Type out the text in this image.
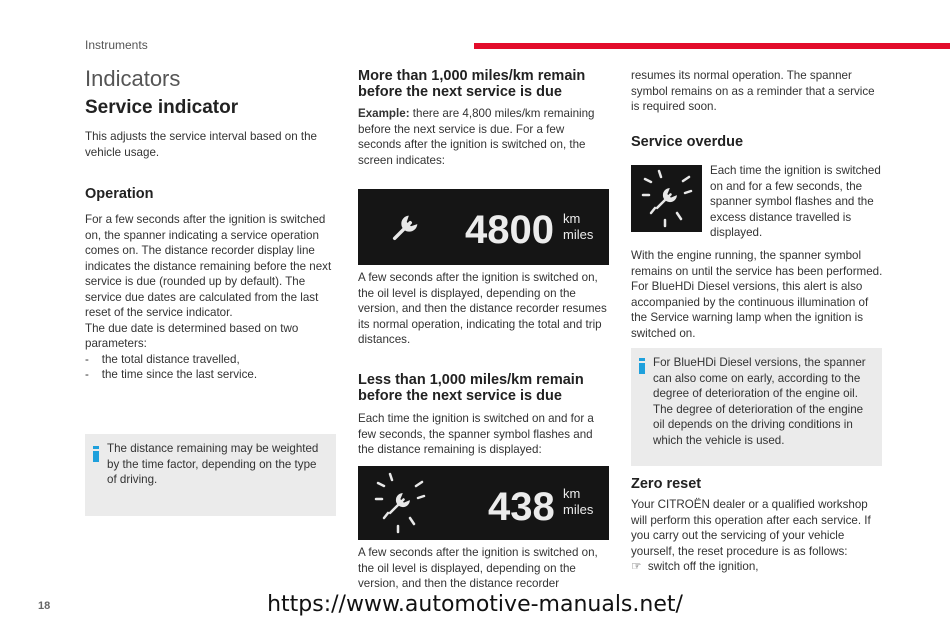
Instruments
Indicators
Service indicator
This adjusts the service interval based on the vehicle usage.
Operation
For a few seconds after the ignition is switched on, the spanner indicating a service operation comes on. The distance recorder display line indicates the distance remaining before the next service is due (rounded up by default). The service due dates are calculated from the last reset of the service indicator.
The due date is determined based on two parameters:
-    the total distance travelled,
-    the time since the last service.
The distance remaining may be weighted by the time factor, depending on the type of driving.
More than 1,000 miles/km remain before the next service is due
Example: there are 4,800 miles/km remaining before the next service is due. For a few seconds after the ignition is switched on, the screen indicates:
4800 km
miles
A few seconds after the ignition is switched on, the oil level is displayed, depending on the version, and then the distance recorder resumes its normal operation, indicating the total and trip distances.
Less than 1,000 miles/km remain before the next service is due
Each time the ignition is switched on and for a few seconds, the spanner symbol flashes and the distance remaining is displayed:
438 km
miles
A few seconds after the ignition is switched on, the oil level is displayed, depending on the version, and then the distance recorder
resumes its normal operation. The spanner symbol remains on as a reminder that a service is required soon.
Service overdue
Each time the ignition is switched on and for a few seconds, the spanner symbol flashes and the excess distance travelled is displayed.
With the engine running, the spanner symbol remains on until the service has been performed. For BlueHDi Diesel versions, this alert is also accompanied by the continuous illumination of the Service warning lamp when the ignition is switched on.
For BlueHDi Diesel versions, the spanner can also come on early, according to the degree of deterioration of the engine oil. The degree of deterioration of the engine oil depends on the driving conditions in which the vehicle is used.
Zero reset
Your CITROËN dealer or a qualified workshop will perform this operation after each service. If you carry out the servicing of your vehicle yourself, the reset procedure is as follows:
☞ switch off the ignition,
18	https://www.automotive-manuals.net/
